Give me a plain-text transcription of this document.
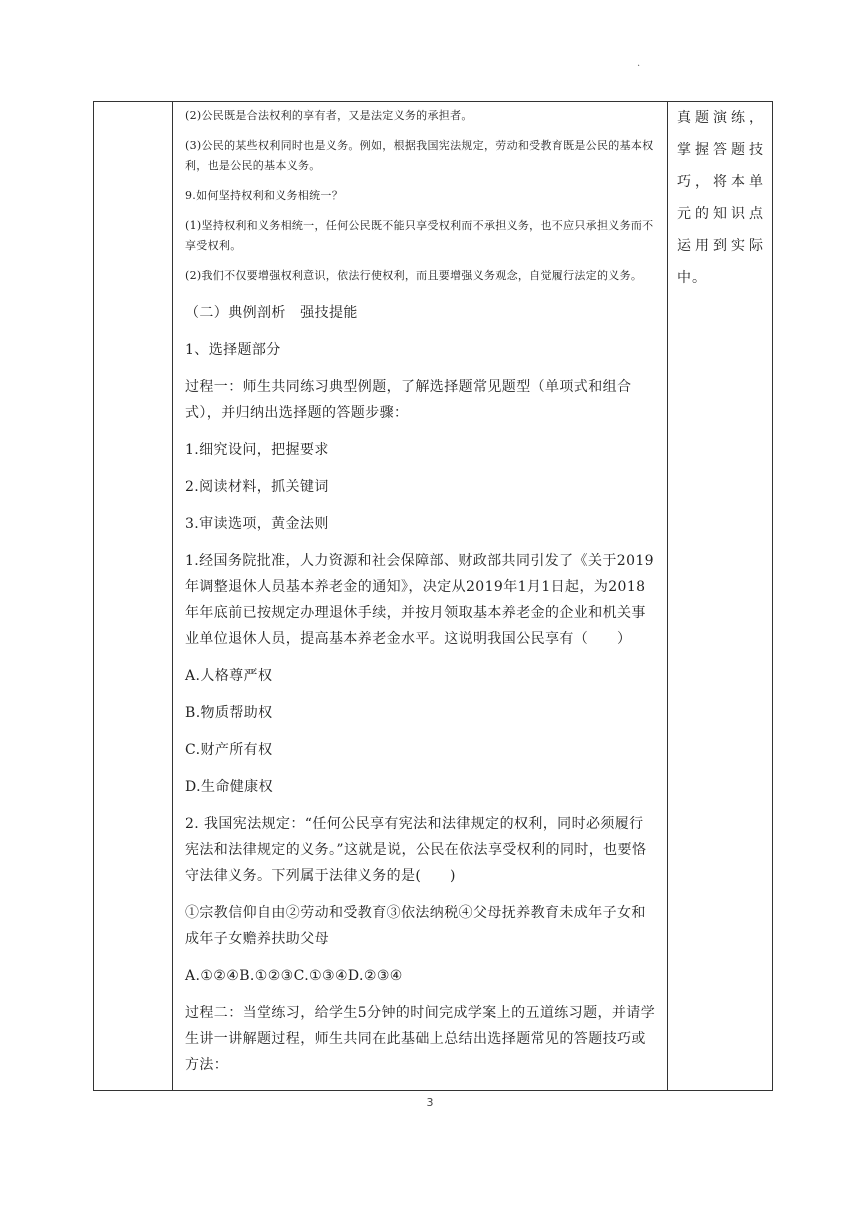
.

(2)公民既是合法权利的享有者，又是法定义务的承担者。

(3)公民的某些权利同时也是义务。例如，根据我国宪法规定，劳动和受教育既是公民的基本权利，也是公民的基本义务。

9.如何坚持权利和义务相统一？

(1)坚持权利和义务相统一，任何公民既不能只享受权利而不承担义务，也不应只承担义务而不享受权利。

(2)我们不仅要增强权利意识，依法行使权利，而且要增强义务观念，自觉履行法定的义务。

（二）典例剖析　强技提能

1、选择题部分

过程一：师生共同练习典型例题，了解选择题常见题型（单项式和组合式），并归纳出选择题的答题步骤：

1.细究设问，把握要求

2.阅读材料，抓关键词

3.审读选项，黄金法则

1.经国务院批准，人力资源和社会保障部、财政部共同引发了《关于2019年调整退休人员基本养老金的通知》，决定从2019年1月1日起，为2018年年底前已按规定办理退休手续，并按月领取基本养老金的企业和机关事业单位退休人员，提高基本养老金水平。这说明我国公民享有（　　）

A.人格尊严权

B.物质帮助权

C.财产所有权

D.生命健康权

2. 我国宪法规定：“任何公民享有宪法和法律规定的权利，同时必须履行宪法和法律规定的义务。”这就是说，公民在依法享受权利的同时，也要恪守法律义务。下列属于法律义务的是(　　)

①宗教信仰自由②劳动和受教育③依法纳税④父母抚养教育未成年子女和成年子女赡养扶助父母

A.①②④B.①②③C.①③④D.②③④

过程二：当堂练习，给学生5分钟的时间完成学案上的五道练习题，并请学生讲一讲解题过程，师生共同在此基础上总结出选择题常见的答题技巧或方法：

真题演练，掌握答题技巧，将本单元的知识点运用到实际中。

3
